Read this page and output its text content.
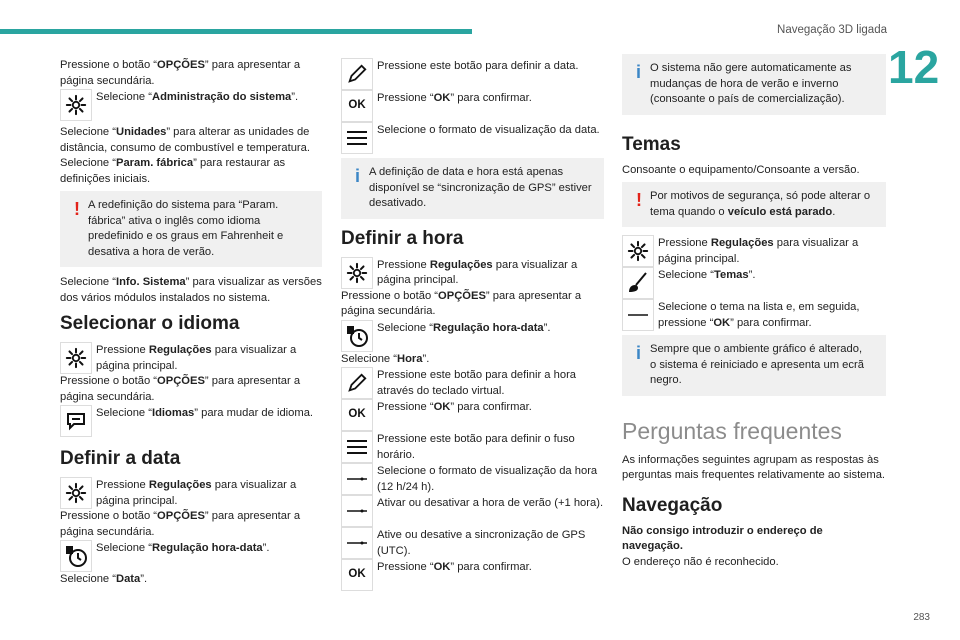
Navegação 3D ligada
12
283
Pressione o botão “OPÇÕES” para apresentar a página secundária.
Selecione “Administração do sistema”.
Selecione “Unidades” para alterar as unidades de distância, consumo de combustível e temperatura.
Selecione “Param. fábrica” para restaurar as definições iniciais.
! A redefinição do sistema para “Param.
fábrica” ativa o inglês como idioma predefinido e os graus em Fahrenheit e desativa a hora de verão.
Selecione “Info. Sistema” para visualizar as versões dos vários módulos instalados no sistema.
Selecionar o idioma
Pressione Regulações para visualizar a página principal.
Pressione o botão “OPÇÕES” para apresentar a página secundária.
Selecione “Idiomas” para mudar de idioma.
Definir a data
Pressione Regulações para visualizar a página principal.
Pressione o botão “OPÇÕES” para apresentar a página secundária.
Selecione “Regulação hora-data”.
Selecione “Data”.
Pressione este botão para definir a data.
OK
Pressione “OK” para confirmar.
Selecione o formato de visualização da data.
i A definição de data e hora está apenas
disponível se “sincronização de GPS” estiver desativado.
Definir a hora
Pressione Regulações para visualizar a página principal.
Pressione o botão “OPÇÕES” para apresentar a página secundária.
Selecione “Regulação hora-data”.
Selecione “Hora”.
Pressione este botão para definir a hora através do teclado virtual.
OK
Pressione “OK” para confirmar.
Pressione este botão para definir o fuso horário.
Selecione o formato de visualização da hora (12 h/24 h).
Ativar ou desativar a hora de verão (+1 hora).
Ative ou desative a sincronização de GPS (UTC).
OK
Pressione “OK” para confirmar.
i O sistema não gere automaticamente as
mudanças de hora de verão e inverno (consoante o país de comercialização).
Temas
Consoante o equipamento/Consoante a versão.
! Por motivos de segurança, só pode alterar o tema quando o veículo está parado.
Pressione Regulações para visualizar a página principal.
Selecione “Temas”.
Selecione o tema na lista e, em seguida, pressione “OK” para confirmar.
i Sempre que o ambiente gráfico é alterado,
o sistema é reiniciado e apresenta um ecrã negro.
Perguntas frequentes
As informações seguintes agrupam as respostas às perguntas mais frequentes relativamente ao sistema.
Navegação
Não consigo introduzir o endereço de navegação.
O endereço não é reconhecido.
